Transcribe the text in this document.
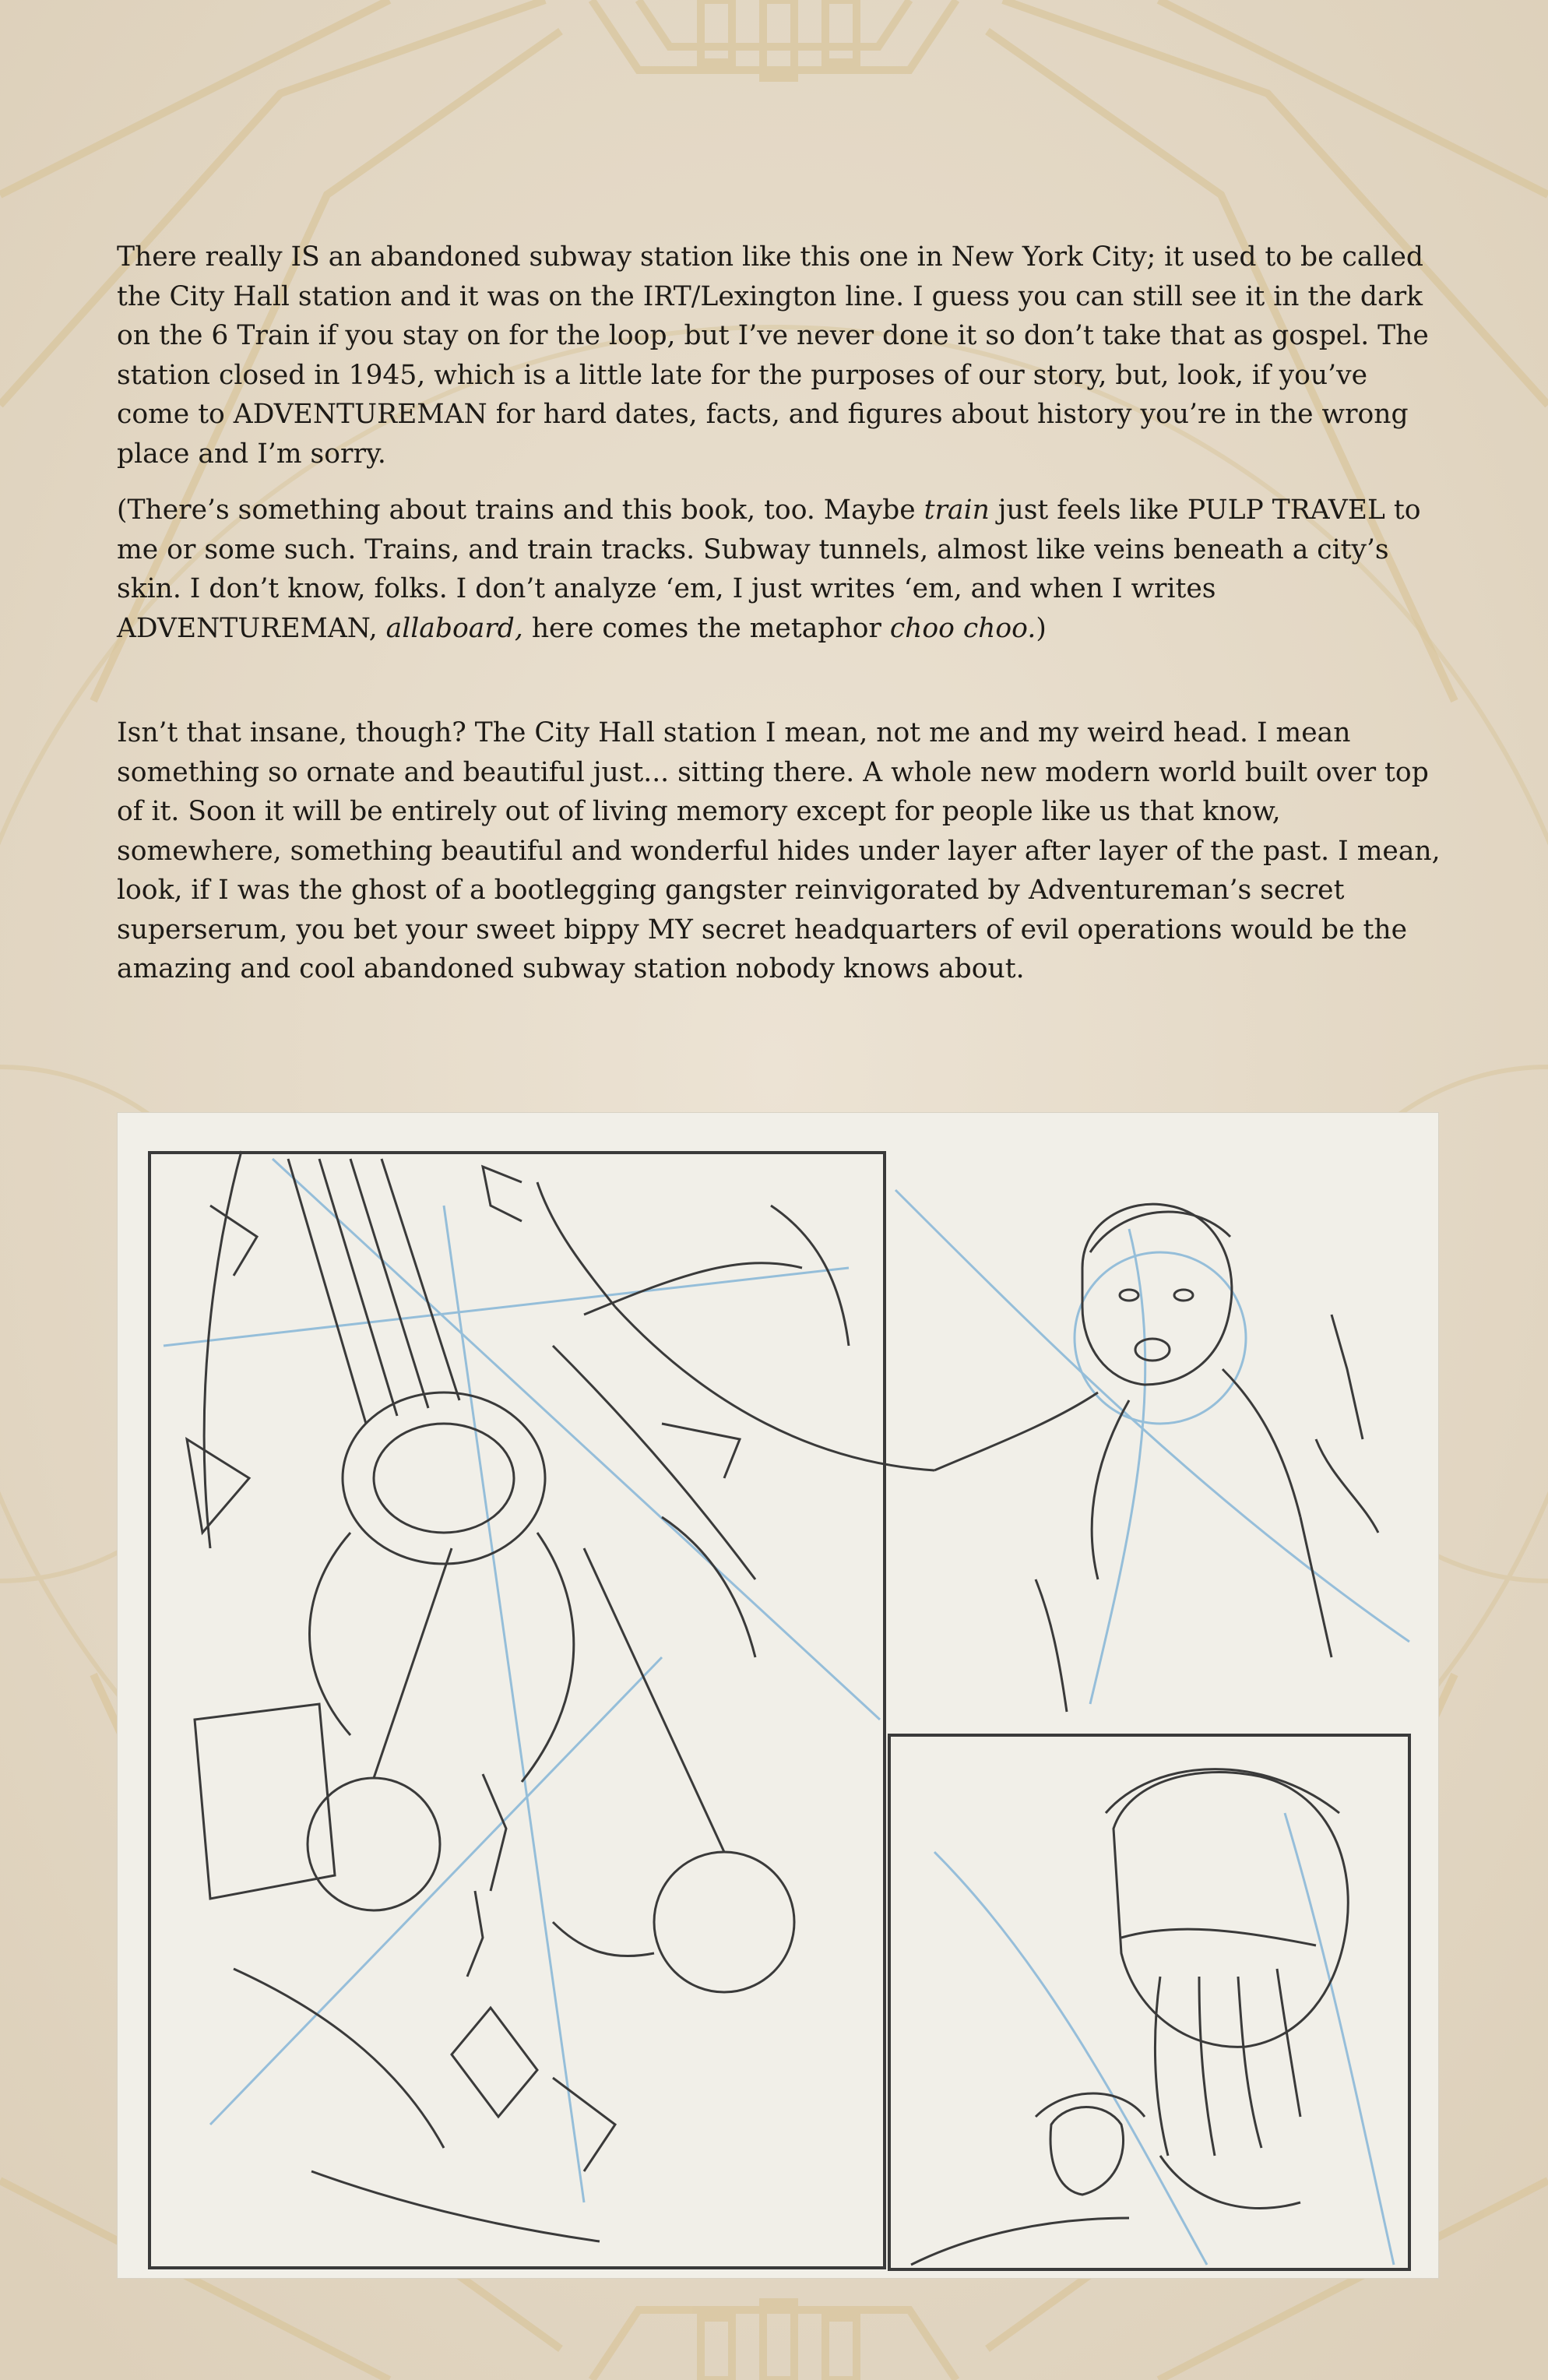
There really IS an abandoned subway station like this one in New York City; it used to be called the City Hall station and it was on the IRT/Lexington line. I guess you can still see it in the dark on the 6 Train if you stay on for the loop, but I’ve never done it so don’t take that as gospel. The station closed in 1945, which is a little late for the purposes of our story, but, look, if you’ve come to ADVENTUREMAN for hard dates, facts, and figures about history you’re in the wrong place and I’m sorry.

(There’s something about trains and this book, too. Maybe train just feels like PULP TRAVEL to me or some such. Trains, and train tracks. Subway tunnels, almost like veins beneath a city’s skin. I don’t know, folks. I don’t analyze ‘em, I just writes ‘em, and when I writes ADVENTUREMAN, allaboard, here comes the metaphor choo choo.)

Isn’t that insane, though? The City Hall station I mean, not me and my weird head. I mean something so ornate and beautiful just... sitting there. A whole new modern world built over top of it. Soon it will be entirely out of living memory except for people like us that know, somewhere, something beautiful and wonderful hides under layer after layer of the past. I mean, look, if I was the ghost of a bootlegging gangster reinvigorated by Adventureman’s secret superserum, you bet your sweet bippy MY secret headquarters of evil operations would be the amazing and cool abandoned subway station nobody knows about.
